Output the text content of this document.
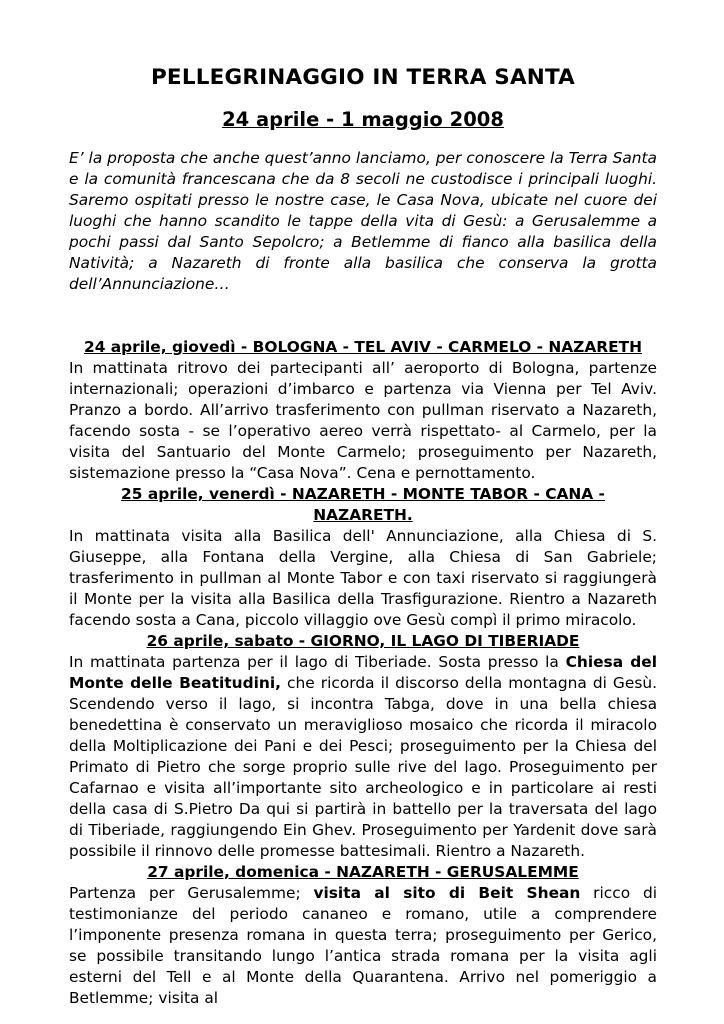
PELLEGRINAGGIO IN TERRA SANTA
24 aprile - 1 maggio 2008

E’ la proposta che anche quest’anno lanciamo, per conoscere la Terra Santa e la comunità francescana che da 8 secoli ne custodisce i principali luoghi. Saremo ospitati presso le nostre case, le Casa Nova, ubicate nel cuore dei luoghi che hanno scandito le tappe della vita di Gesù: a Gerusalemme a pochi passi dal Santo Sepolcro; a Betlemme di fianco alla basilica della Natività; a Nazareth di fronte alla basilica che conserva la grotta dell’Annunciazione…

24 aprile, giovedì - BOLOGNA - TEL AVIV - CARMELO - NAZARETH

In mattinata ritrovo dei partecipanti all’ aeroporto di Bologna, partenze internazionali; operazioni d’imbarco e partenza via Vienna per Tel Aviv. Pranzo a bordo. All’arrivo trasferimento con pullman riservato a Nazareth, facendo sosta - se l’operativo aereo verrà rispettato- al Carmelo, per la visita del Santuario del Monte Carmelo; proseguimento per Nazareth, sistemazione presso la “Casa Nova”. Cena e pernottamento.

25 aprile, venerdì - NAZARETH - MONTE TABOR - CANA - NAZARETH.

In mattinata visita alla Basilica dell' Annunciazione, alla Chiesa di S. Giuseppe, alla Fontana della Vergine, alla Chiesa di San Gabriele; trasferimento in pullman al Monte Tabor e con taxi riservato si raggiungerà il Monte per la visita alla Basilica della Trasfigurazione. Rientro a Nazareth facendo sosta a Cana, piccolo villaggio ove Gesù compì il primo miracolo.

26 aprile, sabato - GIORNO, IL LAGO DI TIBERIADE

In mattinata partenza per il lago di Tiberiade. Sosta presso la Chiesa del Monte delle Beatitudini, che ricorda il discorso della montagna di Gesù. Scendendo verso il lago, si incontra Tabga, dove in una bella chiesa benedettina è conservato un meraviglioso mosaico che ricorda il miracolo della Moltiplicazione dei Pani e dei Pesci; proseguimento per la Chiesa del Primato di Pietro che sorge proprio sulle rive del lago. Proseguimento per Cafarnao e visita all’importante sito archeologico e in particolare ai resti della casa di S.Pietro Da qui si partirà in battello per la traversata del lago di Tiberiade, raggiungendo Ein Ghev. Proseguimento per Yardenit dove sarà possibile il rinnovo delle promesse battesimali. Rientro a Nazareth.

27 aprile, domenica - NAZARETH - GERUSALEMME

Partenza per Gerusalemme; visita al sito di Beit Shean ricco di testimonianze del periodo cananeo e romano, utile a comprendere l’imponente presenza romana in questa terra; proseguimento per Gerico, se possibile transitando lungo l’antica strada romana per la visita agli esterni del Tell e al Monte della Quarantena. Arrivo nel pomeriggio a Betlemme; visita al
